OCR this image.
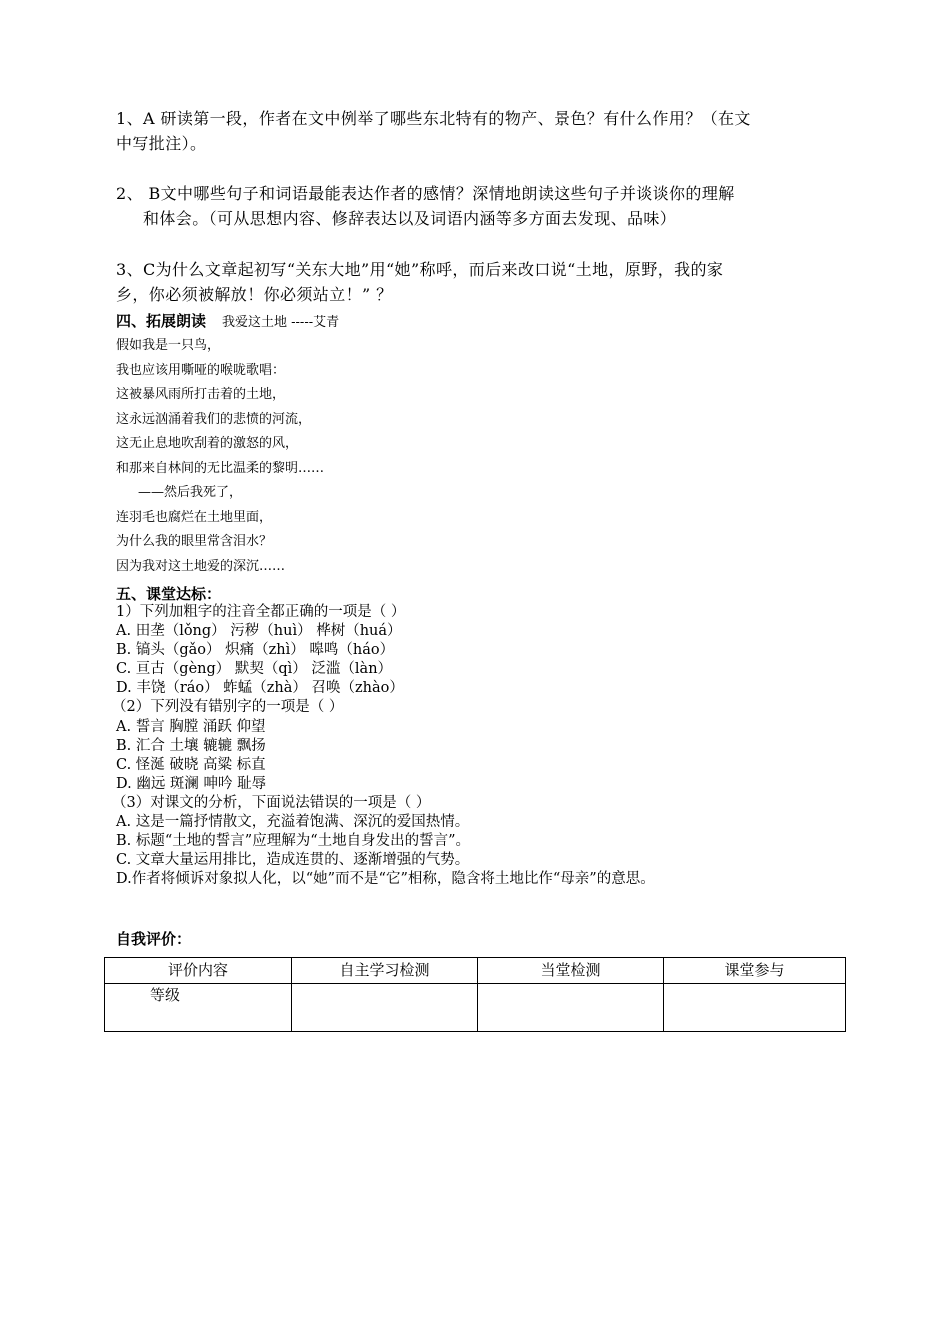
1、A 研读第一段，作者在文中例举了哪些东北特有的物产、景色？有什么作用？（在文
中写批注）。

2、 B文中哪些句子和词语最能表达作者的感情？深情地朗读这些句子并谈谈你的理解
和体会。（可从思想内容、修辞表达以及词语内涵等多方面去发现、品味）

3、C为什么文章起初写“关东大地”用“她”称呼，而后来改口说“土地，原野，我的家
乡，你必须被解放！你必须站立！” ？

四、拓展朗读 我爱这土地 -----艾青

假如我是一只鸟，
我也应该用嘶哑的喉咙歌唱：
这被暴风雨所打击着的土地，
这永远汹涌着我们的悲愤的河流，
这无止息地吹刮着的激怒的风，
和那来自林间的无比温柔的黎明……
——然后我死了，
连羽毛也腐烂在土地里面，
为什么我的眼里常含泪水？
因为我对这土地爱的深沉……

五、课堂达标：

1）下列加粗字的注音全都正确的一项是（ ）
A. 田垄（lǒng） 污秽（huì） 桦树（huá）
B. 镐头（gǎo） 炽痛（zhì） 嗥鸣（háo）
C. 亘古（gèng） 默契（qì） 泛滥（làn）
D. 丰饶（ráo） 蚱蜢（zhà） 召唤（zhào）
（2）下列没有错别字的一项是（ ）
A. 誓言 胸膛 涌跃 仰望
B. 汇合 土壤 辘辘 飘扬
C. 怪涎 破晓 高粱 标直
D. 幽远 斑澜 呻吟 耻辱
（3）对课文的分析，下面说法错误的一项是（ ）
A. 这是一篇抒情散文，充溢着饱满、深沉的爱国热情。
B. 标题“土地的誓言”应理解为“土地自身发出的誓言”。
C. 文章大量运用排比，造成连贯的、逐渐增强的气势。
D.作者将倾诉对象拟人化，以“她”而不是“它”相称，隐含将土地比作“母亲”的意思。

自我评价：

评价内容	自主学习检测	当堂检测	课堂参与
等级			
